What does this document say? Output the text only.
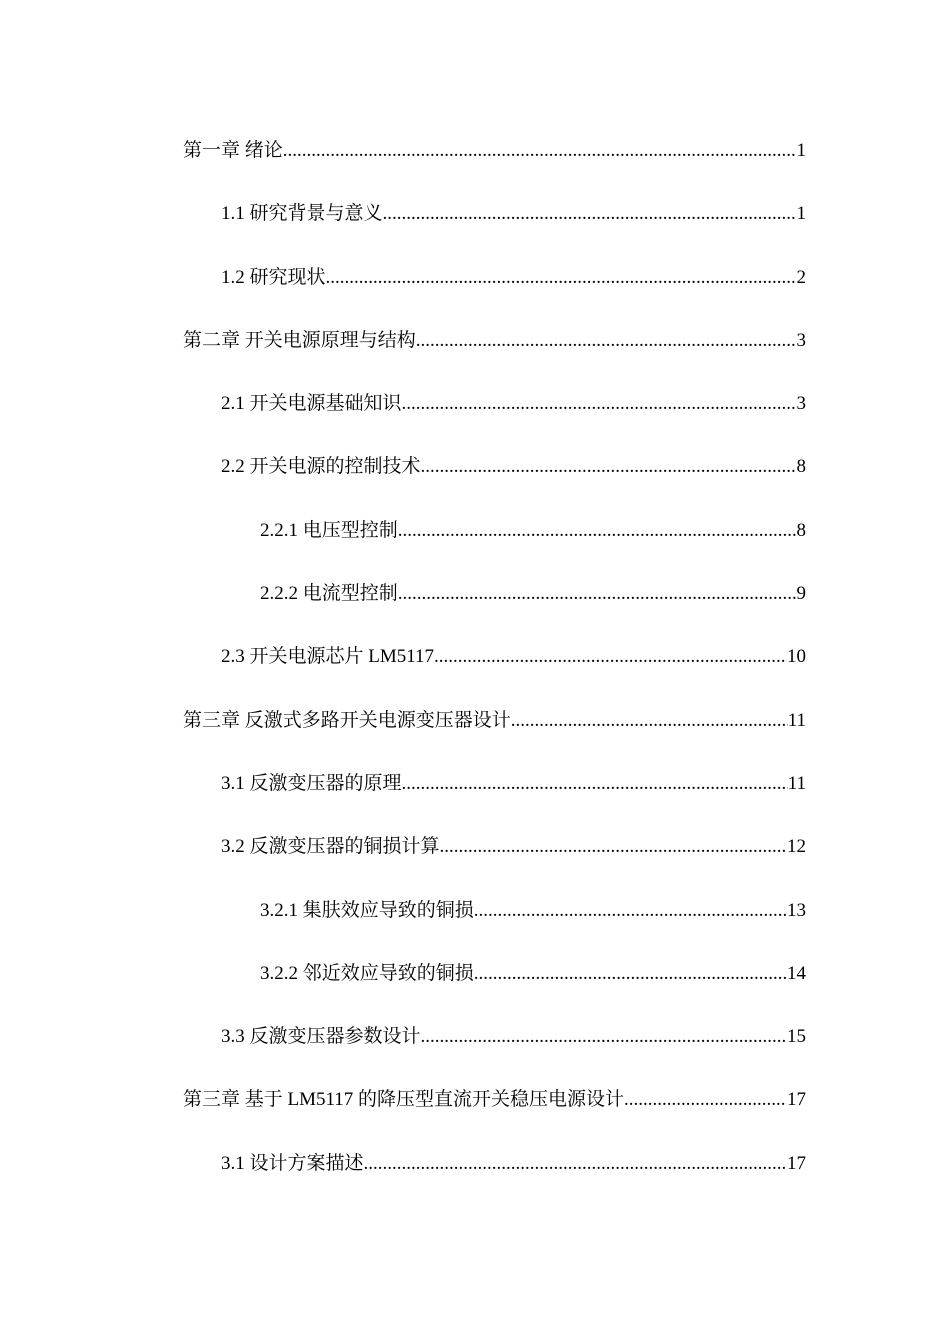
第一章 绪论 .....	1
1.1 研究背景与意义 .....	1
1.2 研究现状 .....	2
第二章 开关电源原理与结构 .....	3
2.1 开关电源基础知识 .....	3
2.2 开关电源的控制技术 .....	8
2.2.1 电压型控制 .....	8
2.2.2 电流型控制 .....	9
2.3 开关电源芯片 LM5117 .....	10
第三章 反激式多路开关电源变压器设计 .....	11
3.1 反激变压器的原理 .....	11
3.2 反激变压器的铜损计算 .....	12
3.2.1 集肤效应导致的铜损 .....	13
3.2.2 邻近效应导致的铜损 .....	14
3.3 反激变压器参数设计 .....	15
第三章 基于 LM5117 的降压型直流开关稳压电源设计 .....	17
3.1 设计方案描述 .....	17
